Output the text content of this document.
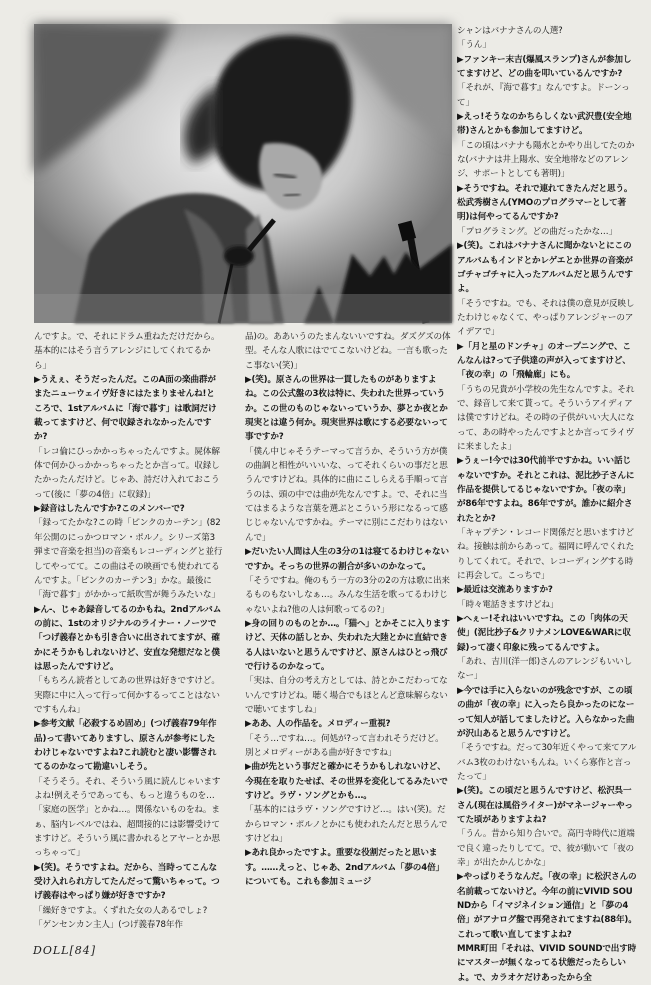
シャンはバナナさんの人選?

「うん」

▶ファンキー末吉(爆風スランプ)さんが参加してますけど、どの曲を叩いているんですか?

「それが、『海で暮す』なんですよ。ドーンって」

▶えっ!そうなのかちらしくない武沢豊(安全地帯)さんとかも参加してますけど。

「この頃はバナナも陽水とかやり出してたのかな(バナナは井上陽水、安全地帯などのアレンジ、サポートとしても著明)」

▶そうですね。それで連れてきたんだと思う。松武秀樹さん(YMOのプログラマーとして著明)は何やってるんですか?

「プログラミング。どの曲だったかな…」

▶(笑)。これはバナナさんに聞かないとにこのアルバムもインドとかレゲエとか世界の音楽がゴチャゴチャに入ったアルバムだと思うんですよ。

「そうですね。でも、それは僕の意見が反映したわけじゃなくて、やっぱりアレンジャーのアイデアで」

▶「月と星のドンチャ」のオープニングで、こんなんは?って子供達の声が入ってますけど、「夜の幸」の「飛輪廊」にも。

「うちの兄貴が小学校の先生なんですよ。それで、録音して来て貰って。そういうアイディアは僕ですけどね。その時の子供がいい大人になって、あの時やったんですよとか言ってライヴに来ましたよ」

▶うぇー!今では30代前半ですかね。いい話じゃないですか。それとこれは、泥比抄子さんに作品を提供してるじゃないですか。「夜の幸」が86年ですよね。86年ですが。誰かに紹介されたとか?

「キャプテン・レコード関係だと思いますけどね。接触は前からあって。福岡に呼んでくれたりしてくれて。それで、レコーディングする時に再会して。こっちで」

▶最近は交流ありますか?

「時々電話きますけどね」

▶へぇー!それはいいですね。この「肉体の天使」(泥比抄子&クリナメンLOVE&WARに収録)って凄く印象に残ってるんですよ。

「あれ、吉川(洋一郎)さんのアレンジもいいしなー」

▶今では手に入らないのが残念ですが、この頃の曲が「夜の幸」に入ったら良かったのになーって知人が話してましたけど。入らなかった曲が沢山あると思うんですけど。

「そうですね。だって30年近くやって来てアルバム3枚のわけないもんね。いくら寡作と言ったって」

▶(笑)。この頃だと思うんですけど、松沢呉一さん(現在は風俗ライター)がマネージャーやってた頃がありますよね?

「うん。昔から知り合いで。高円寺時代に道端で良く違ったりしてて。で、彼が動いて「夜の幸」が出たかんじかな」

▶やっぱりそうなんだ。「夜の幸」に松沢さんの名前載ってないけど。今年の前にVIVID SOUNDから「イマジネイション通信」と「夢の4倍」がアナログ盤で再発されてますね(88年)。これって歌い直してますよね?

MMR町田「それは、VIVID SOUNDで出す時にマスターが無くなってる状態だったらしいよ。で、カラオケだけあったから全

んですよ。で、それにドラム重ねただけだから。基本的にはそう言うアレンジにしてくれてるから」

▶うえぇ、そうだったんだ。このA面の楽曲群がまたニューウェイヴ好きにはたまりませんね!ところで、1stアルバムに「海で暮す」は歌詞だけ載ってますけど、何で収録されなかったんですか?

「レコ倫にひっかかっちゃったんですよ。屍体解体で何かひっかかっちゃったとか言って。収録したかったんだけど。じゃあ、詩だけ入れておこうって(後に「夢の4倍」に収録)」

▶録音はしたんですか?このメンバーで?

「録ってたかな?この時「ピンクのカーテン」(82年公開のにっかつロマン・ポルノ。シリーズ第3弾まで音楽を担当)の音楽もレコーディングと並行してやってて。この曲はその映画でも使われてるんですよ。「ピンクのカーテン3」かな。最後に「海で暮す」がかかって紙吹雪が舞うみたいな」

▶ん-、じゃあ録音してるのかもね。2ndアルバムの前に、1stのオリジナルのライナー・ノーツで「つげ義春とかも引き合いに出されてますが、確かにそうかもしれないけど、安直な発想だなと僕は思ったんですけど。

「もちろん読者としてあの世界は好きですけど。実際に中に入って行って何かするってことはないですもんね」

▶参考文献「必殺するめ固め」(つげ義春79年作品)って書いてありますし、原さんが参考にしたわけじゃないですよね?これ読むと凄い影響されてるのかなって勘違いしそう。

「そうそう。それ、そういう風に読んじゃいますよね!例えそうであっても、もっと違うものを…「家庭の医学」とかね…。関係ないものをね。まぁ、脳内レベルではね、超間接的には影響受けてますけど。そういう風に書かれるとアヤーとか思っちゃって」

▶(笑)。そうですよね。だから、当時ってこんな受け入れられ方してたんだって驚いちゃって。つげ義春はやっぱり嫌が好きですか?

「繰好きですよ。くずれた女の人あるでしょ?「ゲンセンカン主人」(つげ義春78年作

品)の。ああいうのたまんないいですね。ダズグズの体型。そんな人歌にはでてこないけどね。一言も歌ったこ事ない(笑)」

▶(笑)。原さんの世界は一貫したものがありますよね。この公式盤の3枚は特に、失われた世界っていうか。この世のものじゃないっていうか、夢とか夜とか現実とは違う何か。現実世界は歌にする必要ないって事ですか?

「僕ん中じゃそうテーマって言うか、そういう方が僕の曲調と相性がいいいな、ってそれくらいの事だと思うんですけどね。具体的に曲にこしらえる手順って言うのは、頭の中では曲が先なんですよ。で、それに当てはまるような言葉を選ぶとこういう形になるって感じじゃないんですかね。テーマに別にこだわりはないんで」

▶だいたい人間は人生の3分の1は寝てるわけじゃないですか。そっちの世界の割合が多いのかなって。

「そうですね。俺のもう一方の3分の2の方は歌に出来るものもないしなぁ…。みんな生活を歌ってるわけじゃないよね?他の人は何歌ってるの?」

▶身の回りのものとか…。「猫へ」とかそこに入りますけど、天体の話しとか、失われた大陸とかに直結できる人はいないと思うんですけど、原さんはひとっ飛びで行けるのかなって。

「実は、自分の考え方としては、詩とかこだわってないんですけどね。聴く場合でもほとんど意味解らないで聴いてますしね」

▶ああ、人の作品を。メロディー重視?

「そう…ですね…。何処が?って言われそうだけど。別とメロディーがある曲が好きですね」

▶曲が先という事だと確かにそうかもしれないけど、今現在を取りたせば、その世界を変化してるみたいですけど。ラヴ・ソングとかも…。

「基本的にはラヴ・ソングですけど…。はい(笑)。だからロマン・ポルノとかにも使われたんだと思うんですけどね」

▶あれ良かったですよ。重要な役割だったと思います。……えっと、じゃあ、2ndアルバム「夢の4倍」についても。これも参加ミュージ

DOLL[84]
